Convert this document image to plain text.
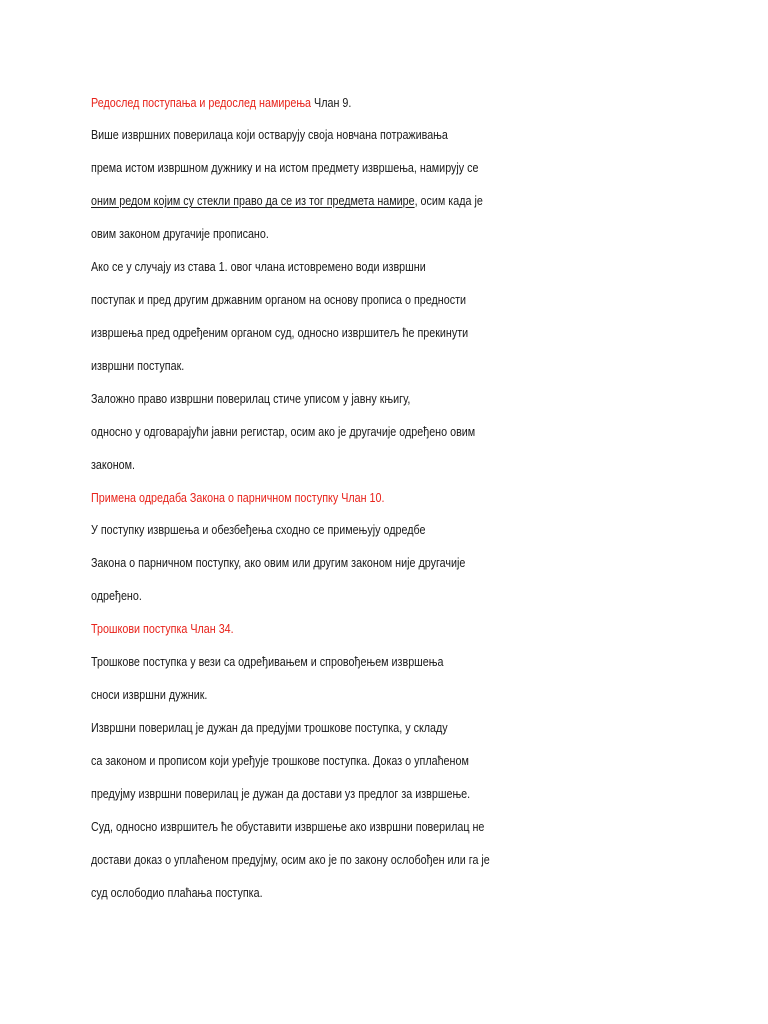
Редослед поступања и редослед намирења Члан 9.

Више извршних поверилаца који остварују своја новчана потраживања

према истом извршном дужнику и на истом предмету извршења, намирују се

оним редом којим су стекли право да се из тог предмета намире, осим када је

овим законом другачије прописано.

Ако се у случају из става 1. овог члана истовремено води извршни

поступак и пред другим државним органом на основу прописа о предности

извршења пред одређеним органом суд, односно извршитељ ће прекинути

извршни поступак.

Заложно право извршни поверилац стиче уписом у јавну књигу,

односно у одговарајући јавни регистар, осим ако је другачије одређено овим

законом.

Примена одредаба Закона о парничном поступку Члан 10.

У поступку извршења и обезбеђења сходно се примењују одредбе

Закона о парничном поступку, ако овим или другим законом није другачије

одређено.

Трошкови поступка Члан 34.

Трошкове поступка у вези са одређивањем и спровођењем извршења

сноси извршни дужник.

Извршни поверилац је дужан да предујми трошкове поступка, у складу

са законом и прописом који уређује трошкове поступка. Доказ о уплаћеном

предујму извршни поверилац је дужан да достави уз предлог за извршење.

Суд, односно извршитељ ће обуставити извршење ако извршни поверилац не

достави доказ о уплаћеном предујму, осим ако је по закону ослобођен или га је

суд ослободио плаћања поступка.
